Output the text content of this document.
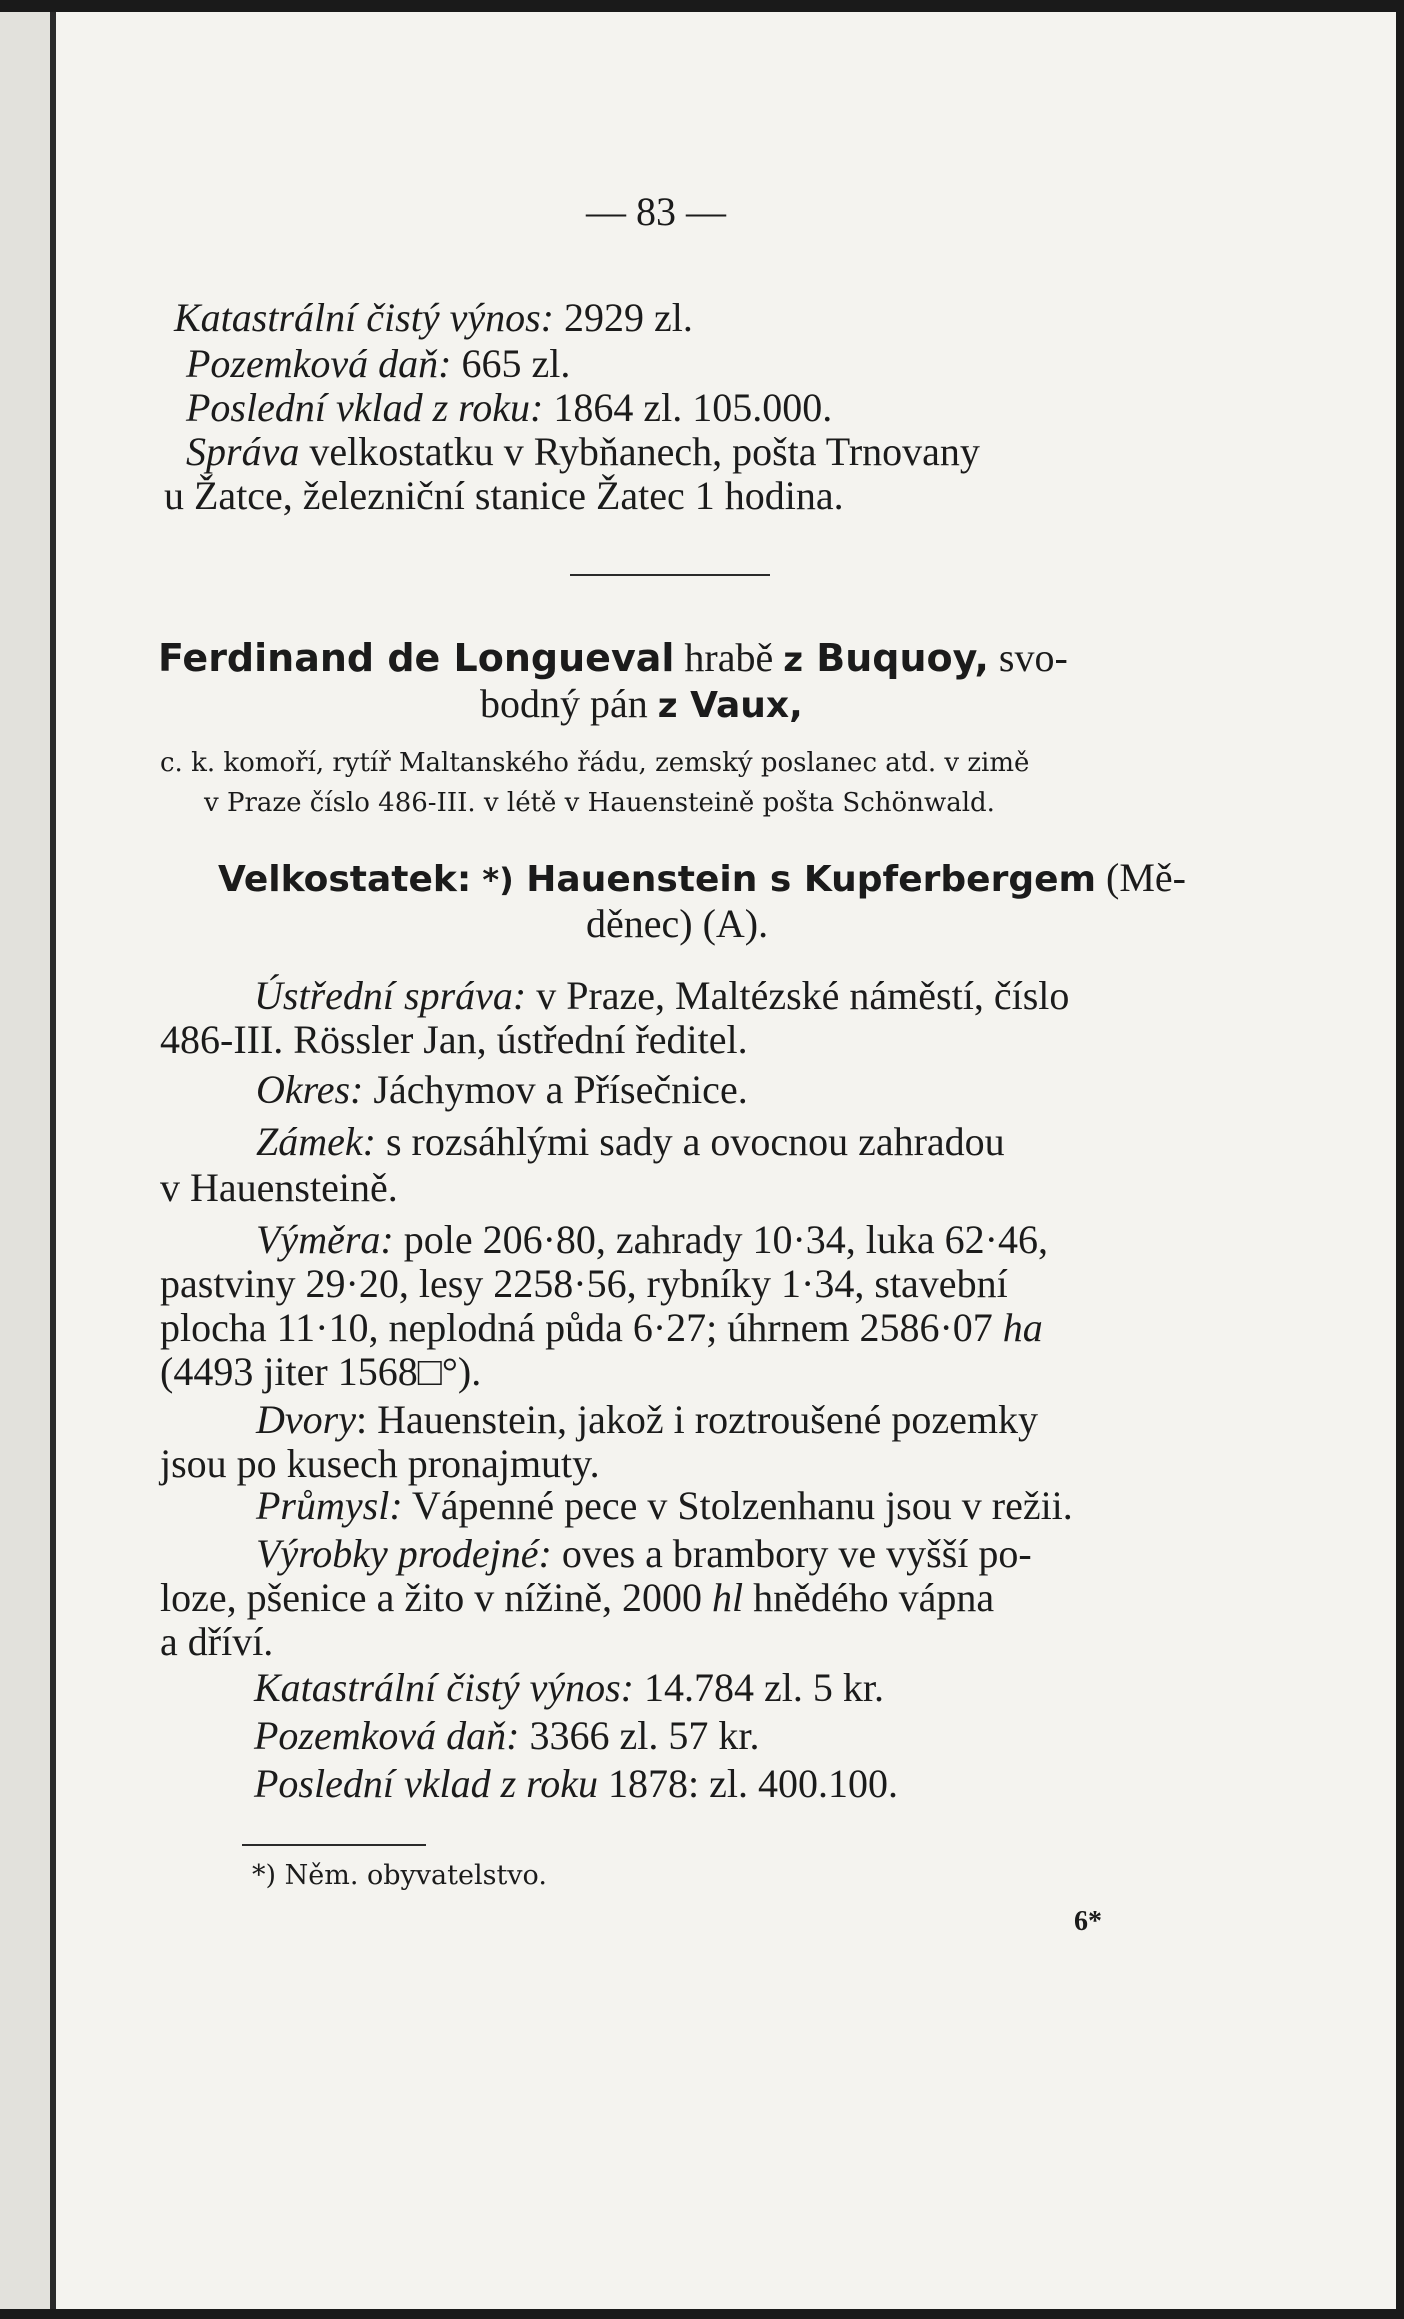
— 83 —

Katastrální čistý výnos: 2929 zl.

Pozemková daň: 665 zl.

Poslední vklad z roku: 1864 zl. 105.000.

Správa velkostatku v Rybňanech, pošta Trnovany

u Žatce, železniční stanice Žatec 1 hodina.

Ferdinand de Longueval hrabě z Buquoy, svo-

bodný pán z Vaux,

c. k. komoří, rytíř Maltanského řádu, zemský poslanec atd. v zimě

v Praze číslo 486-III. v létě v Hauensteině pošta Schönwald.

Velkostatek: *) Hauenstein s Kupferbergem (Mě-

děnec) (A).

Ústřední správa: v Praze, Maltézské náměstí, číslo

486-III. Rössler Jan, ústřední ředitel.

Okres: Jáchymov a Přísečnice.

Zámek: s rozsáhlými sady a ovocnou zahradou

v Hauensteině.

Výměra: pole 206·80, zahrady 10·34, luka 62·46,

pastviny 29·20, lesy 2258·56, rybníky 1·34, stavební

plocha 11·10, neplodná půda 6·27; úhrnem 2586·07 ha

(4493 jiter 1568□°).

Dvory: Hauenstein, jakož i roztroušené pozemky

jsou po kusech pronajmuty.

Průmysl: Vápenné pece v Stolzenhanu jsou v režii.

Výrobky prodejné: oves a brambory ve vyšší po-

loze, pšenice a žito v nížině, 2000 hl hnědého vápna

a dříví.

Katastrální čistý výnos: 14.784 zl. 5 kr.

Pozemková daň: 3366 zl. 57 kr.

Poslední vklad z roku 1878: zl. 400.100.

*) Něm. obyvatelstvo.

6*
